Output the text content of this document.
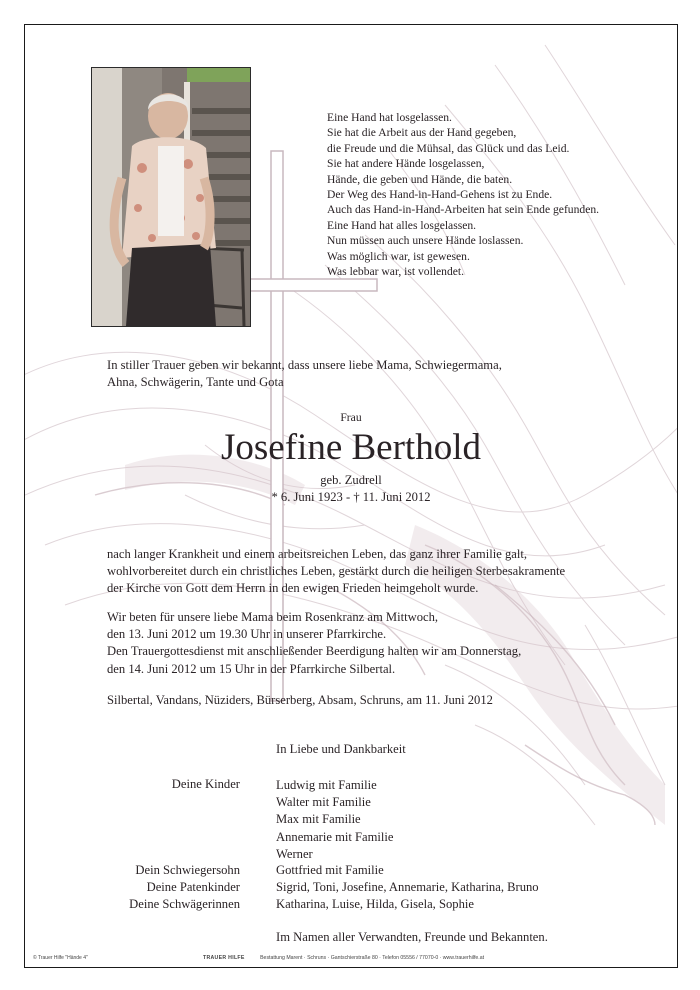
Eine Hand hat losgelassen.
Sie hat die Arbeit aus der Hand gegeben,
die Freude und die Mühsal, das Glück und das Leid.
Sie hat andere Hände losgelassen,
Hände, die geben und Hände, die baten.
Der Weg des Hand-in-Hand-Gehens ist zu Ende.
Auch das Hand-in-Hand-Arbeiten hat sein Ende gefunden.
Eine Hand hat alles losgelassen.
Nun müssen auch unsere Hände loslassen.
Was möglich war, ist gewesen.
Was lebbar war, ist vollendet.
In stiller Trauer geben wir bekannt, dass unsere liebe Mama, Schwiegermama,
Ahna, Schwägerin, Tante und Gota
Frau
Josefine Berthold
geb. Zudrell
* 6. Juni 1923 - † 11. Juni 2012
nach langer Krankheit und einem arbeitsreichen Leben, das ganz ihrer Familie galt,
wohlvorbereitet durch ein christliches Leben, gestärkt durch die heiligen Sterbesakramente
der Kirche von Gott dem Herrn in den ewigen Frieden heimgeholt wurde.
Wir beten für unsere liebe Mama beim Rosenkranz am Mittwoch,
den 13. Juni 2012 um 19.30 Uhr in unserer Pfarrkirche.
Den Trauergottesdienst mit anschließender Beerdigung halten wir am Donnerstag,
den 14. Juni 2012 um 15 Uhr in der Pfarrkirche Silbertal.
Silbertal, Vandans, Nüziders, Bürserberg, Absam, Schruns, am 11. Juni 2012
In Liebe und Dankbarkeit
Deine Kinder	Ludwig mit Familie
Walter mit Familie
Max mit Familie
Annemarie mit Familie
Werner
Dein Schwiegersohn	Gottfried mit Familie
Deine Patenkinder	Sigrid, Toni, Josefine, Annemarie, Katharina, Bruno
Deine Schwägerinnen	Katharina, Luise, Hilda, Gisela, Sophie
Im Namen aller Verwandten, Freunde und Bekannten.
© Trauer Hilfe "Hände 4"	TRAUER HILFE	Bestattung Marent · Schruns · Gantschierstraße 80 · Telefon 05556 / 77070-0 · www.trauerhilfe.at
